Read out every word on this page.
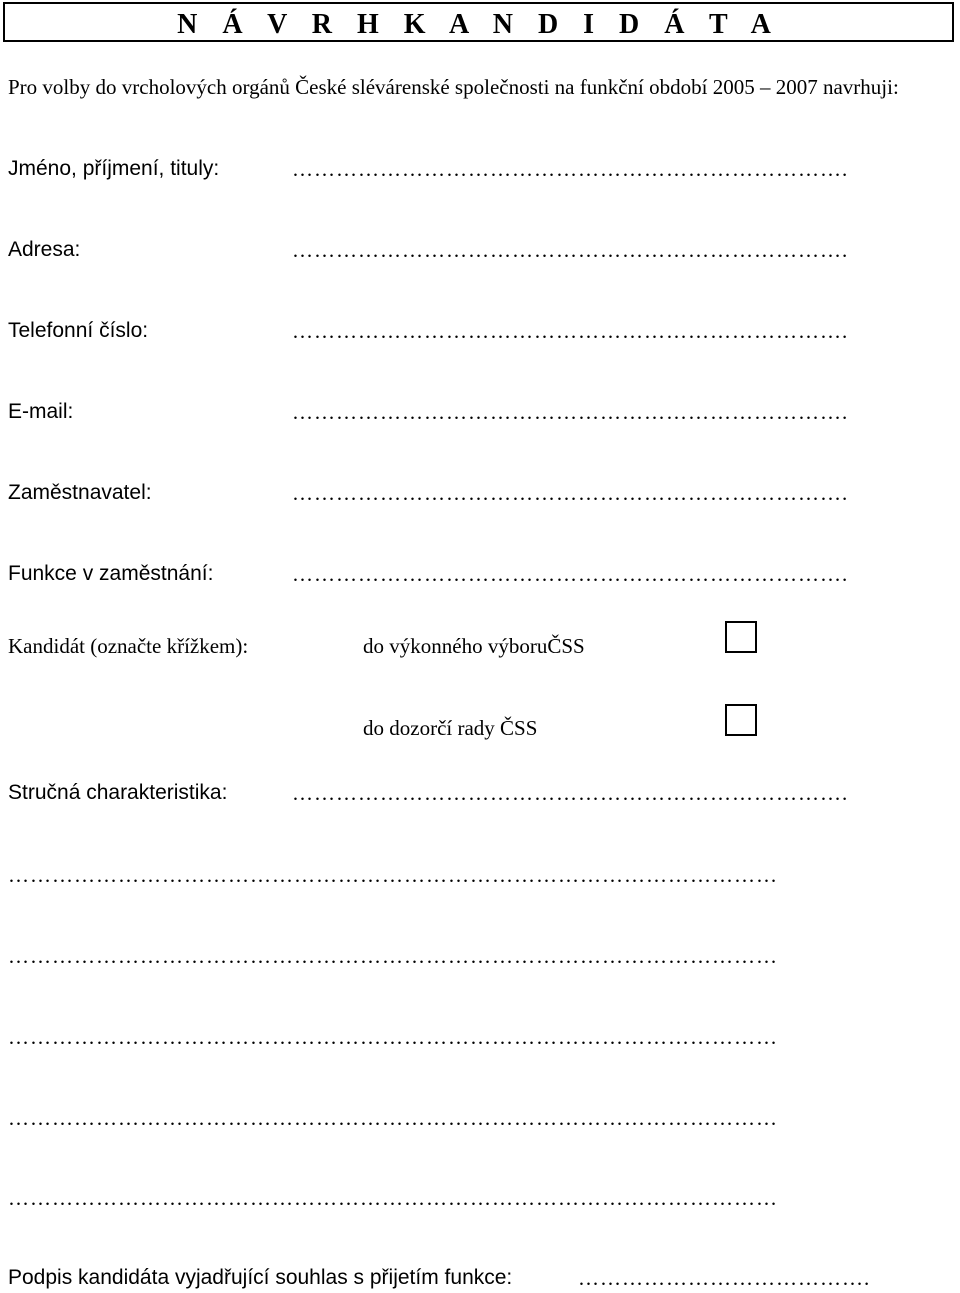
N Á V R H K A N D I D Á T A
Pro volby do vrcholových orgánů České slévárenské společnosti na funkční období 2005 – 2007 navrhuji:
Jméno, příjmení, tituly:	………………………………………………………………….
Adresa:	………………………………………………………………….
Telefonní číslo:	………………………………………………………………….
E-mail:	………………………………………………………………….
Zaměstnavatel:	………………………………………………………………….
Funkce v zaměstnání:	………………………………………………………………….
Kandidát (označte křížkem):	do výkonného výboruČSS
do dozorčí rady ČSS
Stručná charakteristika:	………………………………………………………………….
……………………………………………………………………………………………
……………………………………………………………………………………………
……………………………………………………………………………………………
……………………………………………………………………………………………
……………………………………………………………………………………………
Podpis kandidáta vyjadřující souhlas s přijetím funkce:	………………………………….
